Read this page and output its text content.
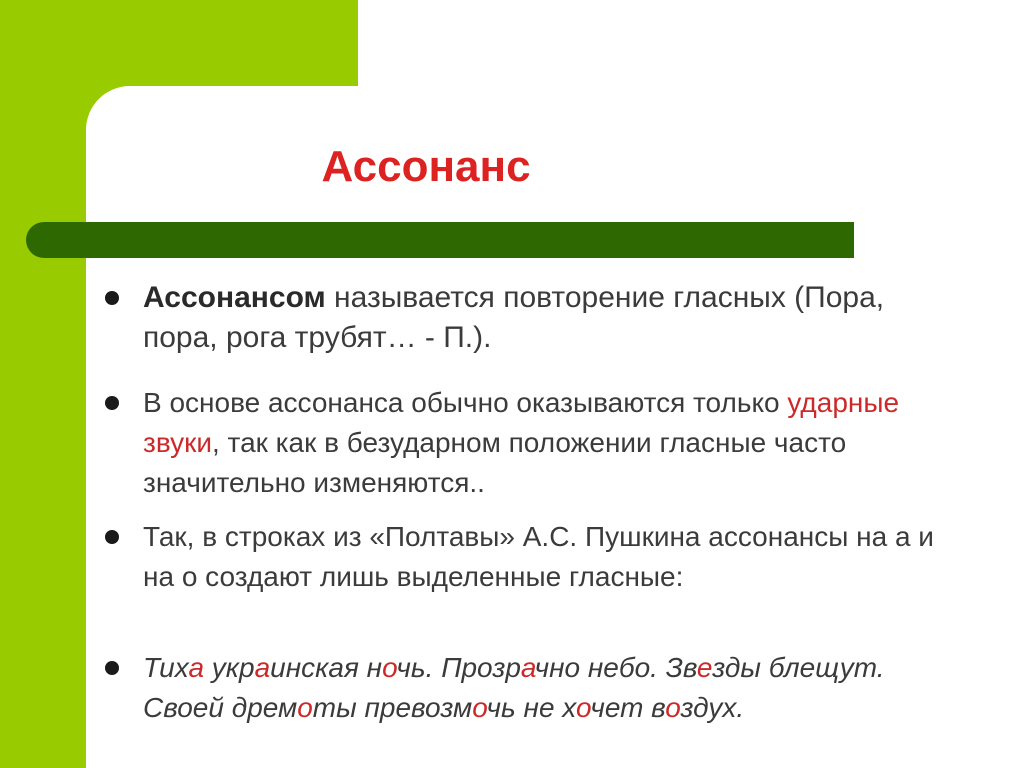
Ассонанс

Ассонансом называется повторение гласных (Пора, пора, рога трубят… - П.).

В основе ассонанса обычно оказываются только ударные звуки, так как в безударном положении гласные часто значительно изменяются..

Так, в строках из «Полтавы» А.С. Пушкина ассонансы на а и на о создают лишь выделенные гласные:

Тиха украинская ночь. Прозрачно небо. Звезды блещут. Своей дремоты превозмочь не хочет воздух.
